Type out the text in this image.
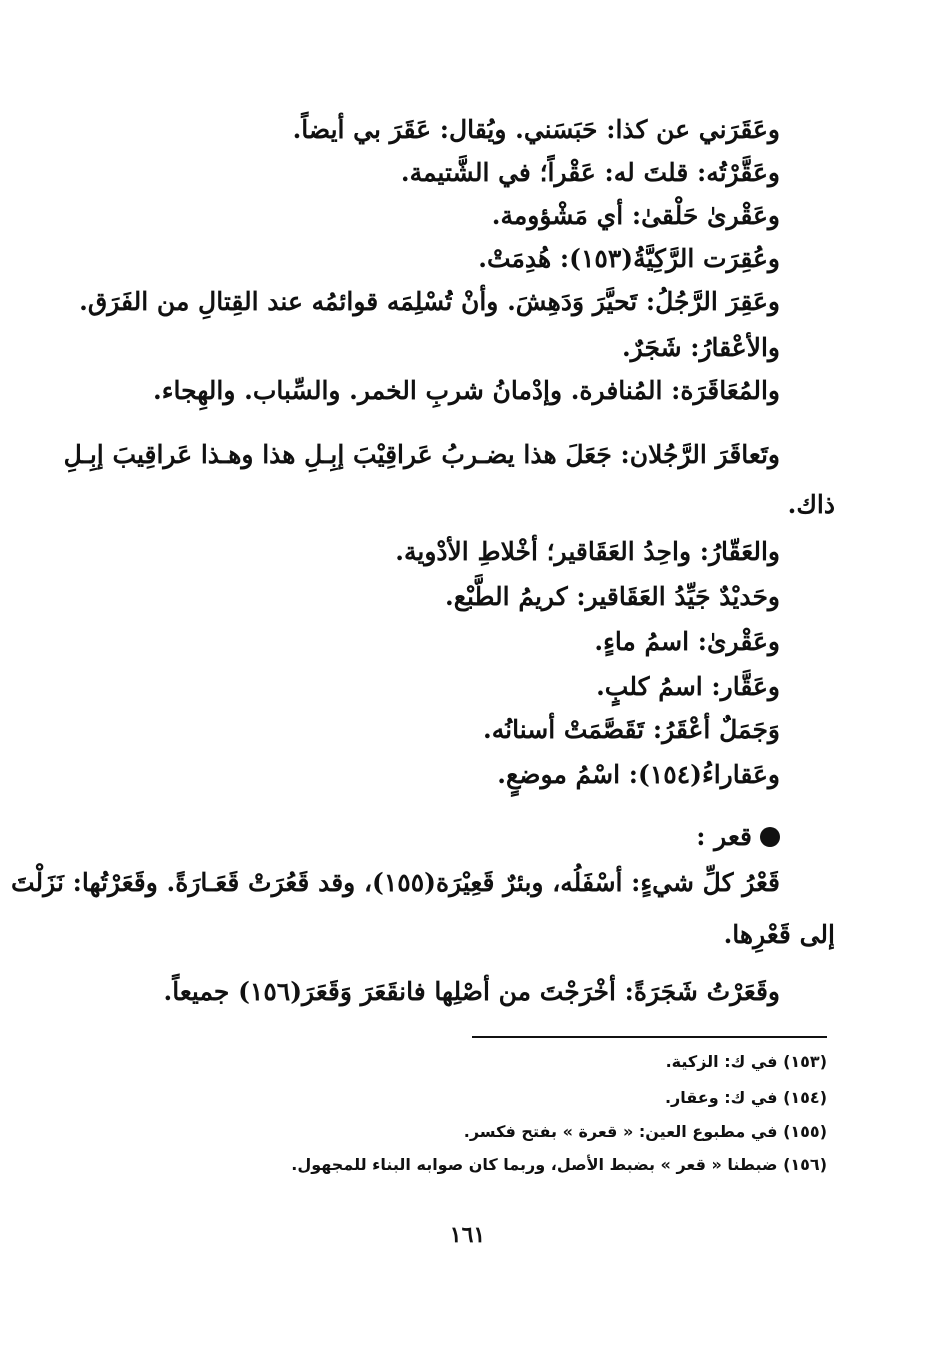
وعَقَرَني عن كذا: حَبَسَني. ويُقال: عَقَرَ بي أيضاً.
وعَقَّرْتُه: قلتَ له: عَقْراً؛ في الشَّتيمة.
وعَقْرىٰ حَلْقىٰ: أي مَشْؤومة.
وعُقِرَت الرَّكِيَّةُ(١٥٣): هُدِمَتْ.
وعَقِرَ الرَّجُلُ: تَحيَّرَ وَدَهِشَ. وأنْ تُسْلِمَه قوائمُه عند القِتالِ من الفَرَق.
والأعْقارُ: شَجَرٌ.
والمُعَاقَرَة: المُنافرة. وإدْمانُ شربِ الخمر. والسِّباب. والهِجاء.
وتَعاقَرَ الرَّجُلان: جَعَلَ هذا يضـربُ عَراقِيْبَ إبِـلِ هذا وهـذا عَراقِيبَ إبِـلِ
ذاك.
والعَقّارُ: واحِدُ العَقَاقير؛ أخْلاطِ الأدْوية.
وحَديْدٌ جَيِّدُ العَقَاقير: كريمُ الطَّبْع.
وعَقْرىٰ: اسمُ ماءٍ.
وعَقَّار: اسمُ كلبٍ.
وَجَمَلٌ أعْقَرُ: تَقَصَّمَتْ أسنانُه.
وعَقاراءُ(١٥٤): اسْمُ موضعٍ.
قعر :
قَعْرُ كلِّ شيءٍ: أسْفَلُه، وبئرٌ قَعِيْرَة(١٥٥)، وقد قَعُرَتْ قَعَـارَةً. وقَعَرْتُها: نَزَلْتَ
إلى قَعْرِها.
وقَعَرْتُ شَجَرَةً: أخْرَجْتَ من أصْلِها فانقَعَرَ وَقَعَرَ(١٥٦) جميعاً.
(١٥٣) في ك: الزكية.
(١٥٤) في ك: وعقار.
(١٥٥) في مطبوع العين: « قعرة » بفتح فكسر.
(١٥٦) ضبطنا « قعر » بضبط الأصل، وربما كان صوابه البناء للمجهول.
١٦١
